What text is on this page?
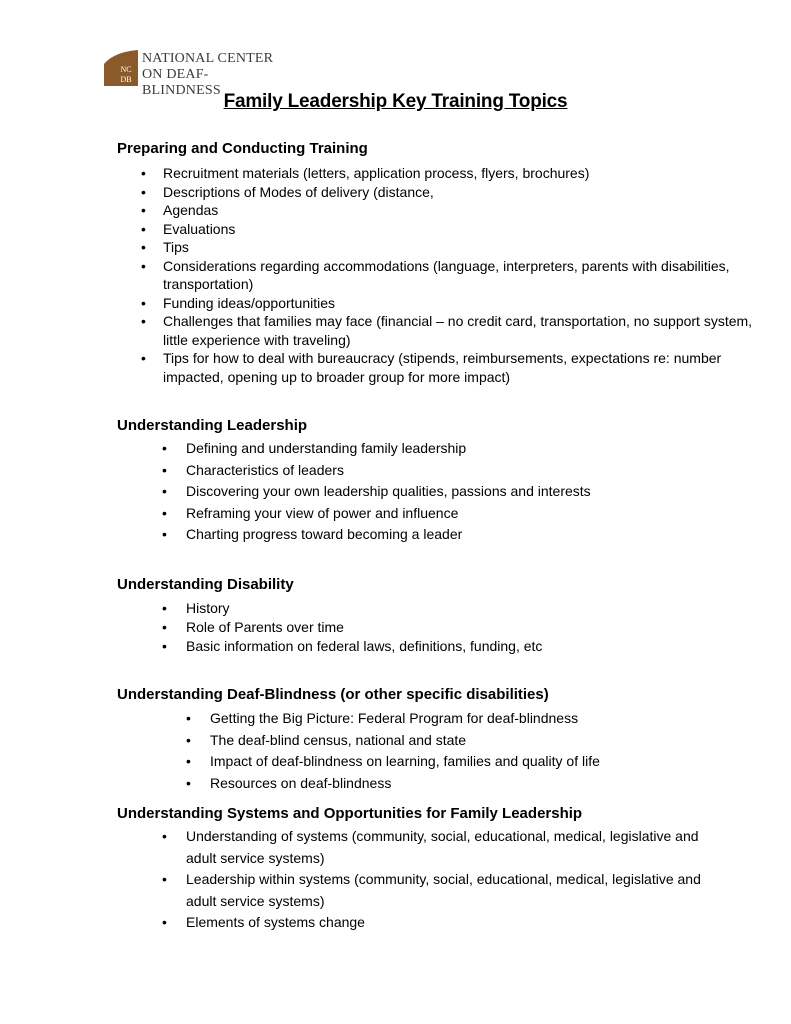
NC
DB
NATIONAL CENTER
ON DEAF-BLINDNESS
Family Leadership Key Training Topics
Preparing and Conducting Training
• Recruitment materials (letters, application process, flyers, brochures)
• Descriptions of Modes of delivery (distance,
• Agendas
• Evaluations
• Tips
• Considerations regarding accommodations (language, interpreters, parents with disabilities, transportation)
• Funding ideas/opportunities
• Challenges that families may face (financial – no credit card, transportation, no support system, little experience with traveling)
• Tips for how to deal with bureaucracy (stipends, reimbursements, expectations re: number impacted, opening up to broader group for more impact)
Understanding Leadership
• Defining and understanding family leadership
• Characteristics of leaders
• Discovering your own leadership qualities, passions and interests
• Reframing your view of power and influence
• Charting progress toward becoming a leader
Understanding Disability
• History
• Role of Parents over time
• Basic information on federal laws, definitions, funding, etc
Understanding Deaf-Blindness (or other specific disabilities)
• Getting the Big Picture: Federal Program for deaf-blindness
• The deaf-blind census, national and state
• Impact of deaf-blindness on learning, families and quality of life
• Resources on deaf-blindness
Understanding Systems and Opportunities for Family Leadership
• Understanding of systems (community, social, educational, medical, legislative and adult service systems)
• Leadership within systems (community, social, educational, medical, legislative and adult service systems)
• Elements of systems change
